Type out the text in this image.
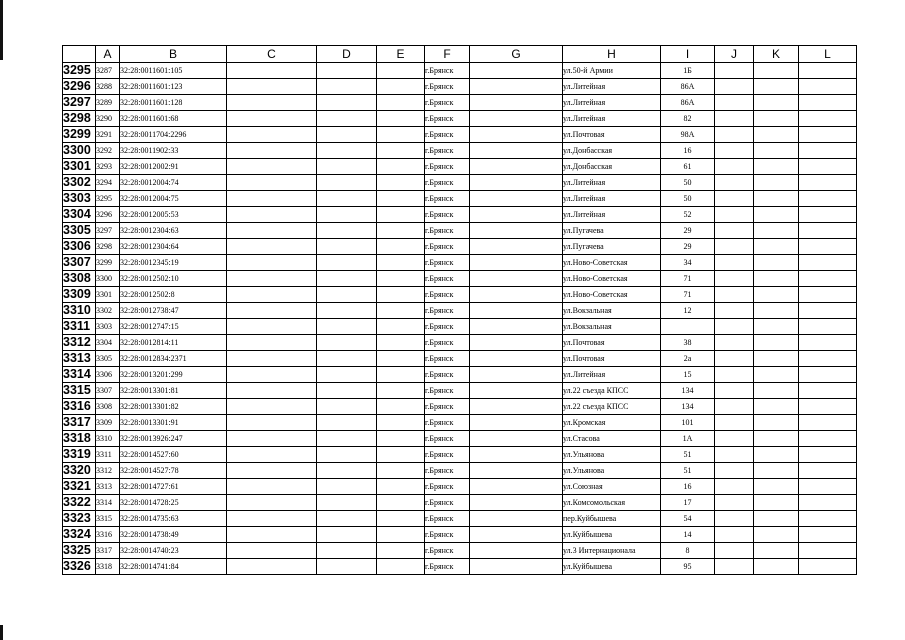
	A	B	C	D	E	F	G	H	I	J	K	L
3295	3287	32:28:0011601:105				г.Брянск		ул.50-й Армии	1Б			
3296	3288	32:28:0011601:123				г.Брянск		ул.Литейная	86А			
3297	3289	32:28:0011601:128				г.Брянск		ул.Литейная	86А			
3298	3290	32:28:0011601:68				г.Брянск		ул.Литейная	82			
3299	3291	32:28:0011704:2296				г.Брянск		ул.Почтовая	98А			
3300	3292	32:28:0011902:33				г.Брянск		ул.Донбасская	16			
3301	3293	32:28:0012002:91				г.Брянск		ул.Донбасская	61			
3302	3294	32:28:0012004:74				г.Брянск		ул.Литейная	50			
3303	3295	32:28:0012004:75				г.Брянск		ул.Литейная	50			
3304	3296	32:28:0012005:53				г.Брянск		ул.Литейная	52			
3305	3297	32:28:0012304:63				г.Брянск		ул.Пугачева	29			
3306	3298	32:28:0012304:64				г.Брянск		ул.Пугачева	29			
3307	3299	32:28:0012345:19				г.Брянск		ул.Ново-Советская	34			
3308	3300	32:28:0012502:10				г.Брянск		ул.Ново-Советская	71			
3309	3301	32:28:0012502:8				г.Брянск		ул.Ново-Советская	71			
3310	3302	32:28:0012738:47				г.Брянск		ул.Вокзальная	12			
3311	3303	32:28:0012747:15				г.Брянск		ул.Вокзальная				
3312	3304	32:28:0012814:11				г.Брянск		ул.Почтовая	38			
3313	3305	32:28:0012834:2371				г.Брянск		ул.Почтовая	2а			
3314	3306	32:28:0013201:299				г.Брянск		ул.Литейная	15			
3315	3307	32:28:0013301:81				г.Брянск		ул.22 съезда КПСС	134			
3316	3308	32:28:0013301:82				г.Брянск		ул.22 съезда КПСС	134			
3317	3309	32:28:0013301:91				г.Брянск		ул.Кромская	101			
3318	3310	32:28:0013926:247				г.Брянск		ул.Стасова	1А			
3319	3311	32:28:0014527:60				г.Брянск		ул.Ульянова	51			
3320	3312	32:28:0014527:78				г.Брянск		ул.Ульянова	51			
3321	3313	32:28:0014727:61				г.Брянск		ул.Союзная	16			
3322	3314	32:28:0014728:25				г.Брянск		ул.Комсомольская	17			
3323	3315	32:28:0014735:63				г.Брянск		пер.Куйбышева	54			
3324	3316	32:28:0014738:49				г.Брянск		ул.Куйбышева	14			
3325	3317	32:28:0014740:23				г.Брянск		ул.3 Интернационала	8			
3326	3318	32:28:0014741:84				г.Брянск		ул.Куйбышева	95			
